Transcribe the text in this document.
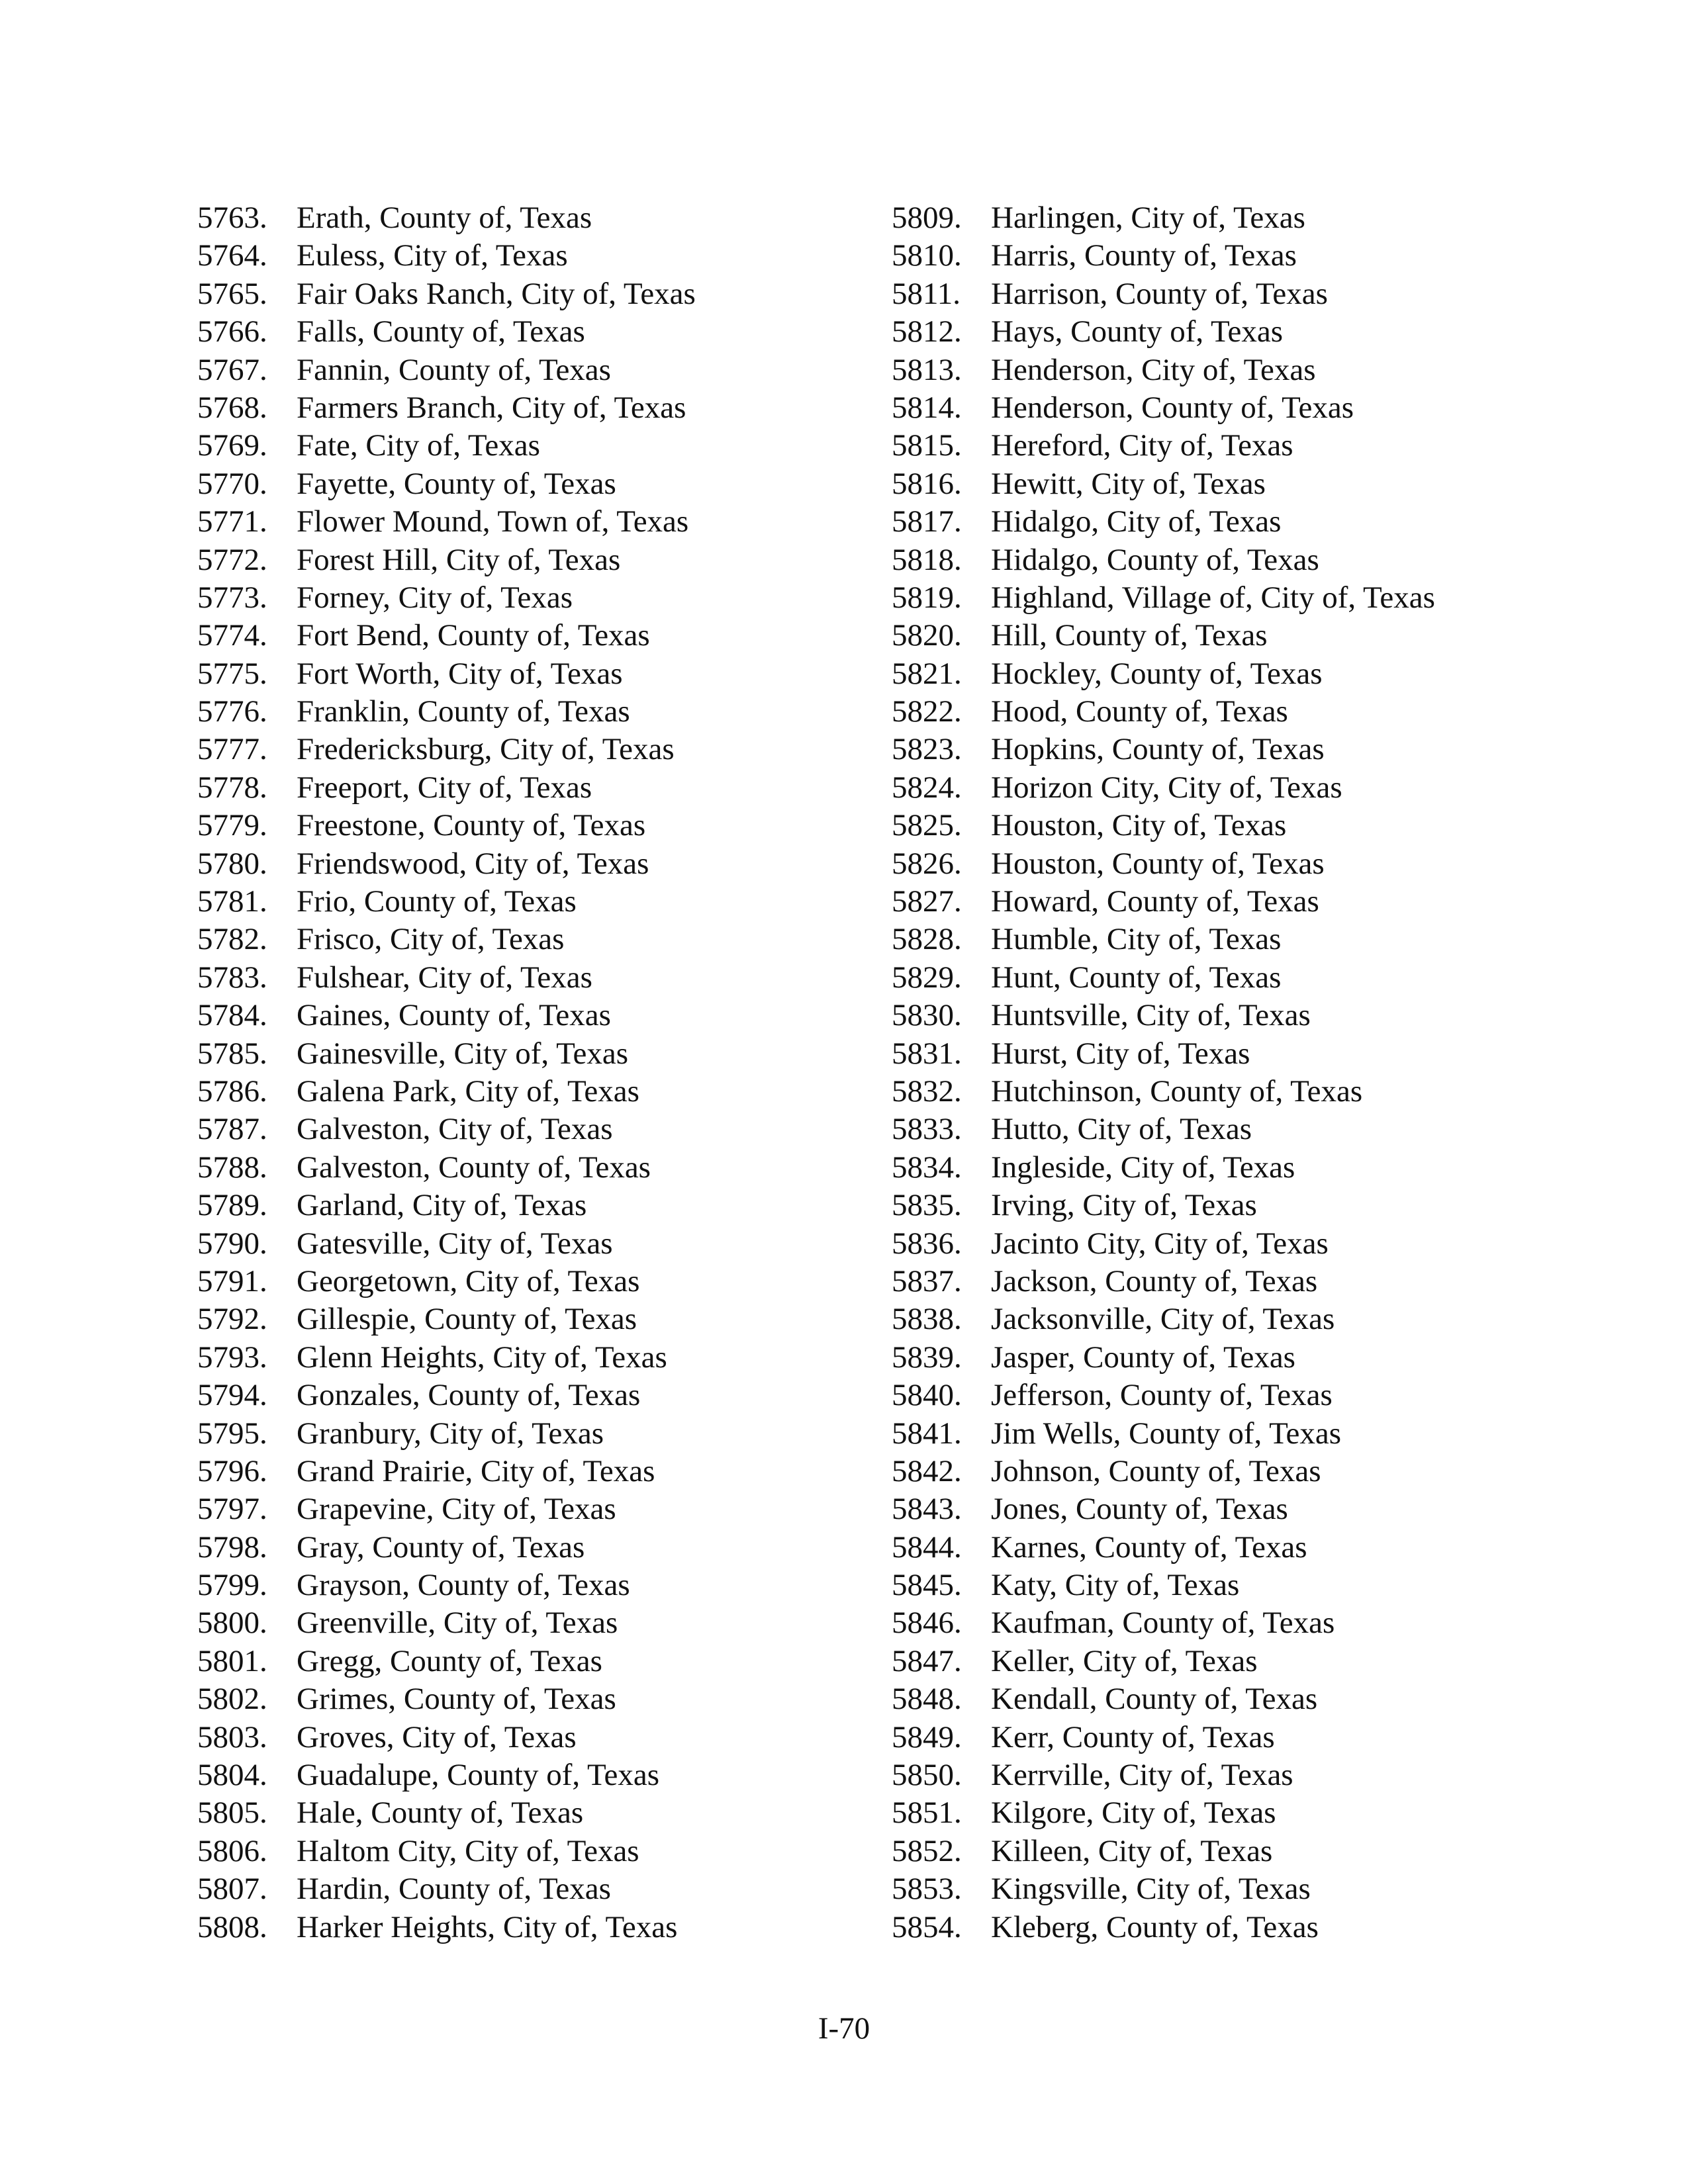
5763. Erath, County of, Texas
5764. Euless, City of, Texas
5765. Fair Oaks Ranch, City of, Texas
5766. Falls, County of, Texas
5767. Fannin, County of, Texas
5768. Farmers Branch, City of, Texas
5769. Fate, City of, Texas
5770. Fayette, County of, Texas
5771. Flower Mound, Town of, Texas
5772. Forest Hill, City of, Texas
5773. Forney, City of, Texas
5774. Fort Bend, County of, Texas
5775. Fort Worth, City of, Texas
5776. Franklin, County of, Texas
5777. Fredericksburg, City of, Texas
5778. Freeport, City of, Texas
5779. Freestone, County of, Texas
5780. Friendswood, City of, Texas
5781. Frio, County of, Texas
5782. Frisco, City of, Texas
5783. Fulshear, City of, Texas
5784. Gaines, County of, Texas
5785. Gainesville, City of, Texas
5786. Galena Park, City of, Texas
5787. Galveston, City of, Texas
5788. Galveston, County of, Texas
5789. Garland, City of, Texas
5790. Gatesville, City of, Texas
5791. Georgetown, City of, Texas
5792. Gillespie, County of, Texas
5793. Glenn Heights, City of, Texas
5794. Gonzales, County of, Texas
5795. Granbury, City of, Texas
5796. Grand Prairie, City of, Texas
5797. Grapevine, City of, Texas
5798. Gray, County of, Texas
5799. Grayson, County of, Texas
5800. Greenville, City of, Texas
5801. Gregg, County of, Texas
5802. Grimes, County of, Texas
5803. Groves, City of, Texas
5804. Guadalupe, County of, Texas
5805. Hale, County of, Texas
5806. Haltom City, City of, Texas
5807. Hardin, County of, Texas
5808. Harker Heights, City of, Texas
5809. Harlingen, City of, Texas
5810. Harris, County of, Texas
5811. Harrison, County of, Texas
5812. Hays, County of, Texas
5813. Henderson, City of, Texas
5814. Henderson, County of, Texas
5815. Hereford, City of, Texas
5816. Hewitt, City of, Texas
5817. Hidalgo, City of, Texas
5818. Hidalgo, County of, Texas
5819. Highland, Village of, City of, Texas
5820. Hill, County of, Texas
5821. Hockley, County of, Texas
5822. Hood, County of, Texas
5823. Hopkins, County of, Texas
5824. Horizon City, City of, Texas
5825. Houston, City of, Texas
5826. Houston, County of, Texas
5827. Howard, County of, Texas
5828. Humble, City of, Texas
5829. Hunt, County of, Texas
5830. Huntsville, City of, Texas
5831. Hurst, City of, Texas
5832. Hutchinson, County of, Texas
5833. Hutto, City of, Texas
5834. Ingleside, City of, Texas
5835. Irving, City of, Texas
5836. Jacinto City, City of, Texas
5837. Jackson, County of, Texas
5838. Jacksonville, City of, Texas
5839. Jasper, County of, Texas
5840. Jefferson, County of, Texas
5841. Jim Wells, County of, Texas
5842. Johnson, County of, Texas
5843. Jones, County of, Texas
5844. Karnes, County of, Texas
5845. Katy, City of, Texas
5846. Kaufman, County of, Texas
5847. Keller, City of, Texas
5848. Kendall, County of, Texas
5849. Kerr, County of, Texas
5850. Kerrville, City of, Texas
5851. Kilgore, City of, Texas
5852. Killeen, City of, Texas
5853. Kingsville, City of, Texas
5854. Kleberg, County of, Texas
I-70
